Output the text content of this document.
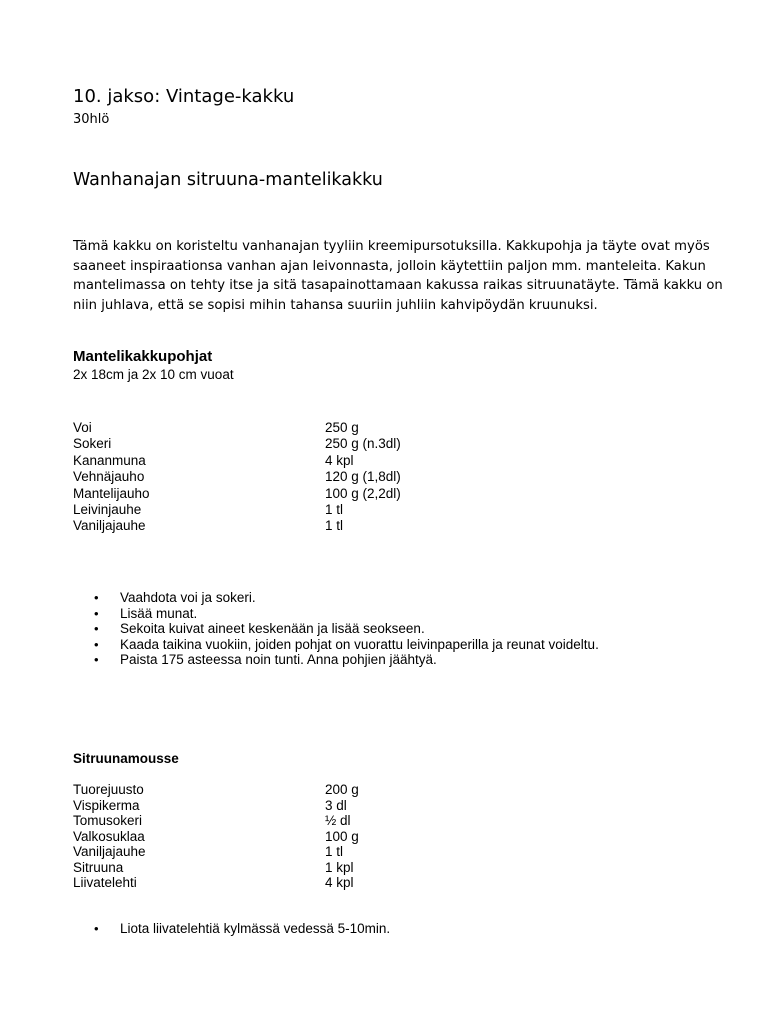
10. jakso: Vintage-kakku
30hlö
Wanhanajan sitruuna-mantelikakku
Tämä kakku on koristeltu vanhanajan tyyliin kreemipursotuksilla. Kakkupohja ja täyte ovat myös
saaneet inspiraationsa vanhan ajan leivonnasta, jolloin käytettiin paljon mm. manteleita. Kakun
mantelimassa on tehty itse ja sitä tasapainottamaan kakussa raikas sitruunatäyte. Tämä kakku on
niin juhlava, että se sopisi mihin tahansa suuriin juhliin kahvipöydän kruunuksi.
Mantelikakkupohjat
2x 18cm ja 2x 10 cm vuoat
Voi	250 g
Sokeri	250 g (n.3dl)
Kananmuna	4 kpl
Vehnäjauho	120 g (1,8dl)
Mantelijauho	100 g (2,2dl)
Leivinjauhe	1 tl
Vaniljajauhe	1 tl
• Vaahdota voi ja sokeri.
• Lisää munat.
• Sekoita kuivat aineet keskenään ja lisää seokseen.
• Kaada taikina vuokiin, joiden pohjat on vuorattu leivinpaperilla ja reunat voideltu.
• Paista 175 asteessa noin tunti. Anna pohjien jäähtyä.
Sitruunamousse
Tuorejuusto	200 g
Vispikerma	3 dl
Tomusokeri	½ dl
Valkosuklaa	100 g
Vaniljajauhe	1 tl
Sitruuna	1 kpl
Liivatelehti	4 kpl
• Liota liivatelehtiä kylmässä vedessä 5-10min.
